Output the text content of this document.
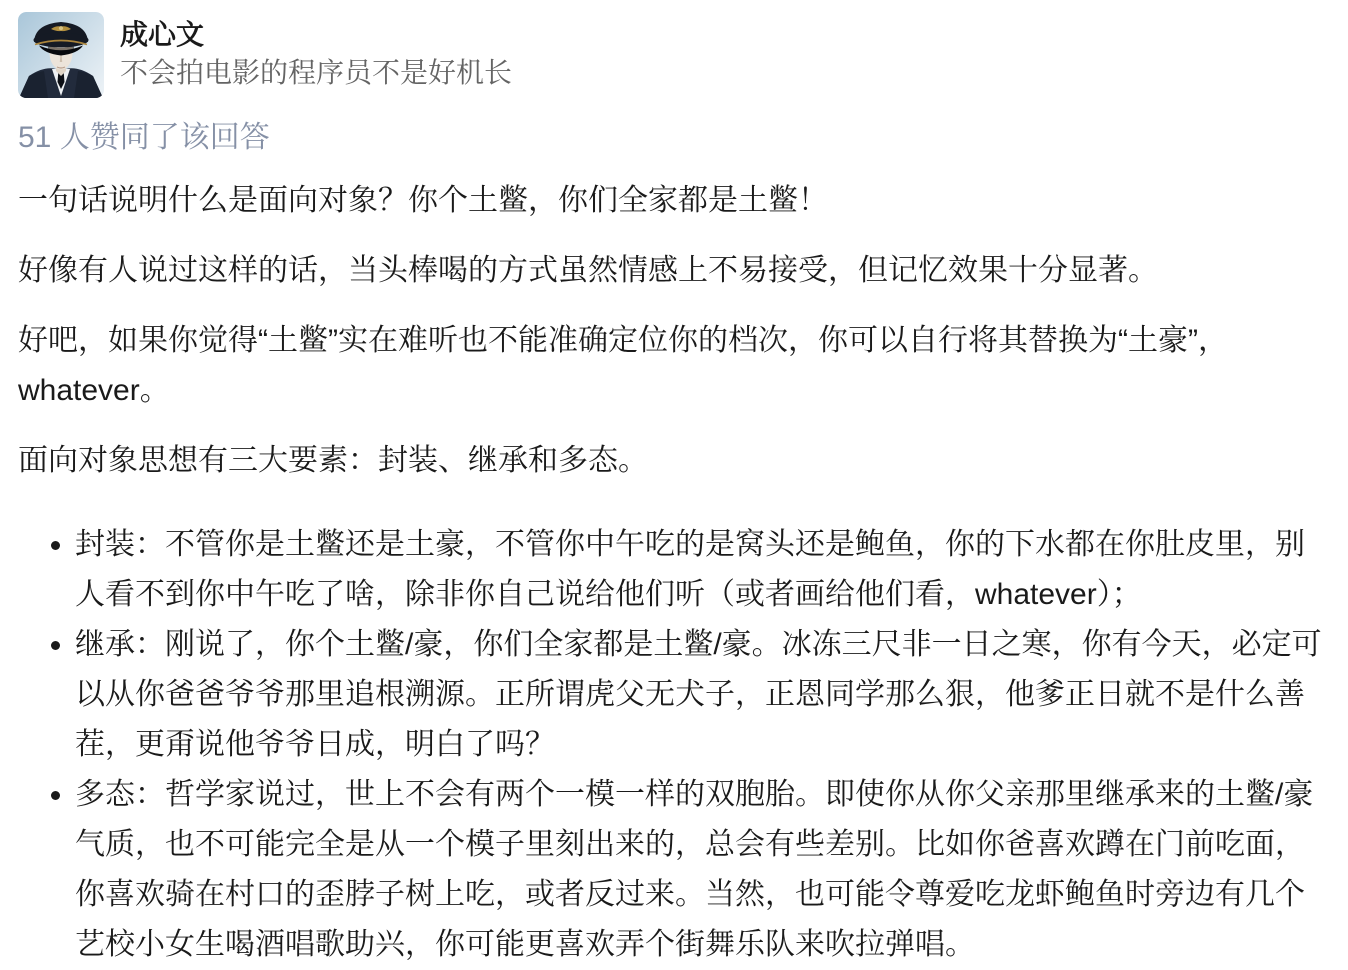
成心文
不会拍电影的程序员不是好机长
51 人赞同了该回答

一句话说明什么是面向对象？你个土鳖，你们全家都是土鳖！

好像有人说过这样的话，当头棒喝的方式虽然情感上不易接受，但记忆效果十分显著。

好吧，如果你觉得“土鳖”实在难听也不能准确定位你的档次，你可以自行将其替换为“土豪”，whatever。

面向对象思想有三大要素：封装、继承和多态。

• 封装：不管你是土鳖还是土豪，不管你中午吃的是窝头还是鲍鱼，你的下水都在你肚皮里，别人看不到你中午吃了啥，除非你自己说给他们听（或者画给他们看，whatever）；
• 继承：刚说了，你个土鳖/豪，你们全家都是土鳖/豪。冰冻三尺非一日之寒，你有今天，必定可以从你爸爸爷爷那里追根溯源。正所谓虎父无犬子，正恩同学那么狠，他爹正日就不是什么善茬，更甭说他爷爷日成，明白了吗？
• 多态：哲学家说过，世上不会有两个一模一样的双胞胎。即使你从你父亲那里继承来的土鳖/豪气质，也不可能完全是从一个模子里刻出来的，总会有些差别。比如你爸喜欢蹲在门前吃面，你喜欢骑在村口的歪脖子树上吃，或者反过来。当然，也可能令尊爱吃龙虾鲍鱼时旁边有几个艺校小女生喝酒唱歌助兴，你可能更喜欢弄个街舞乐队来吹拉弹唱。
